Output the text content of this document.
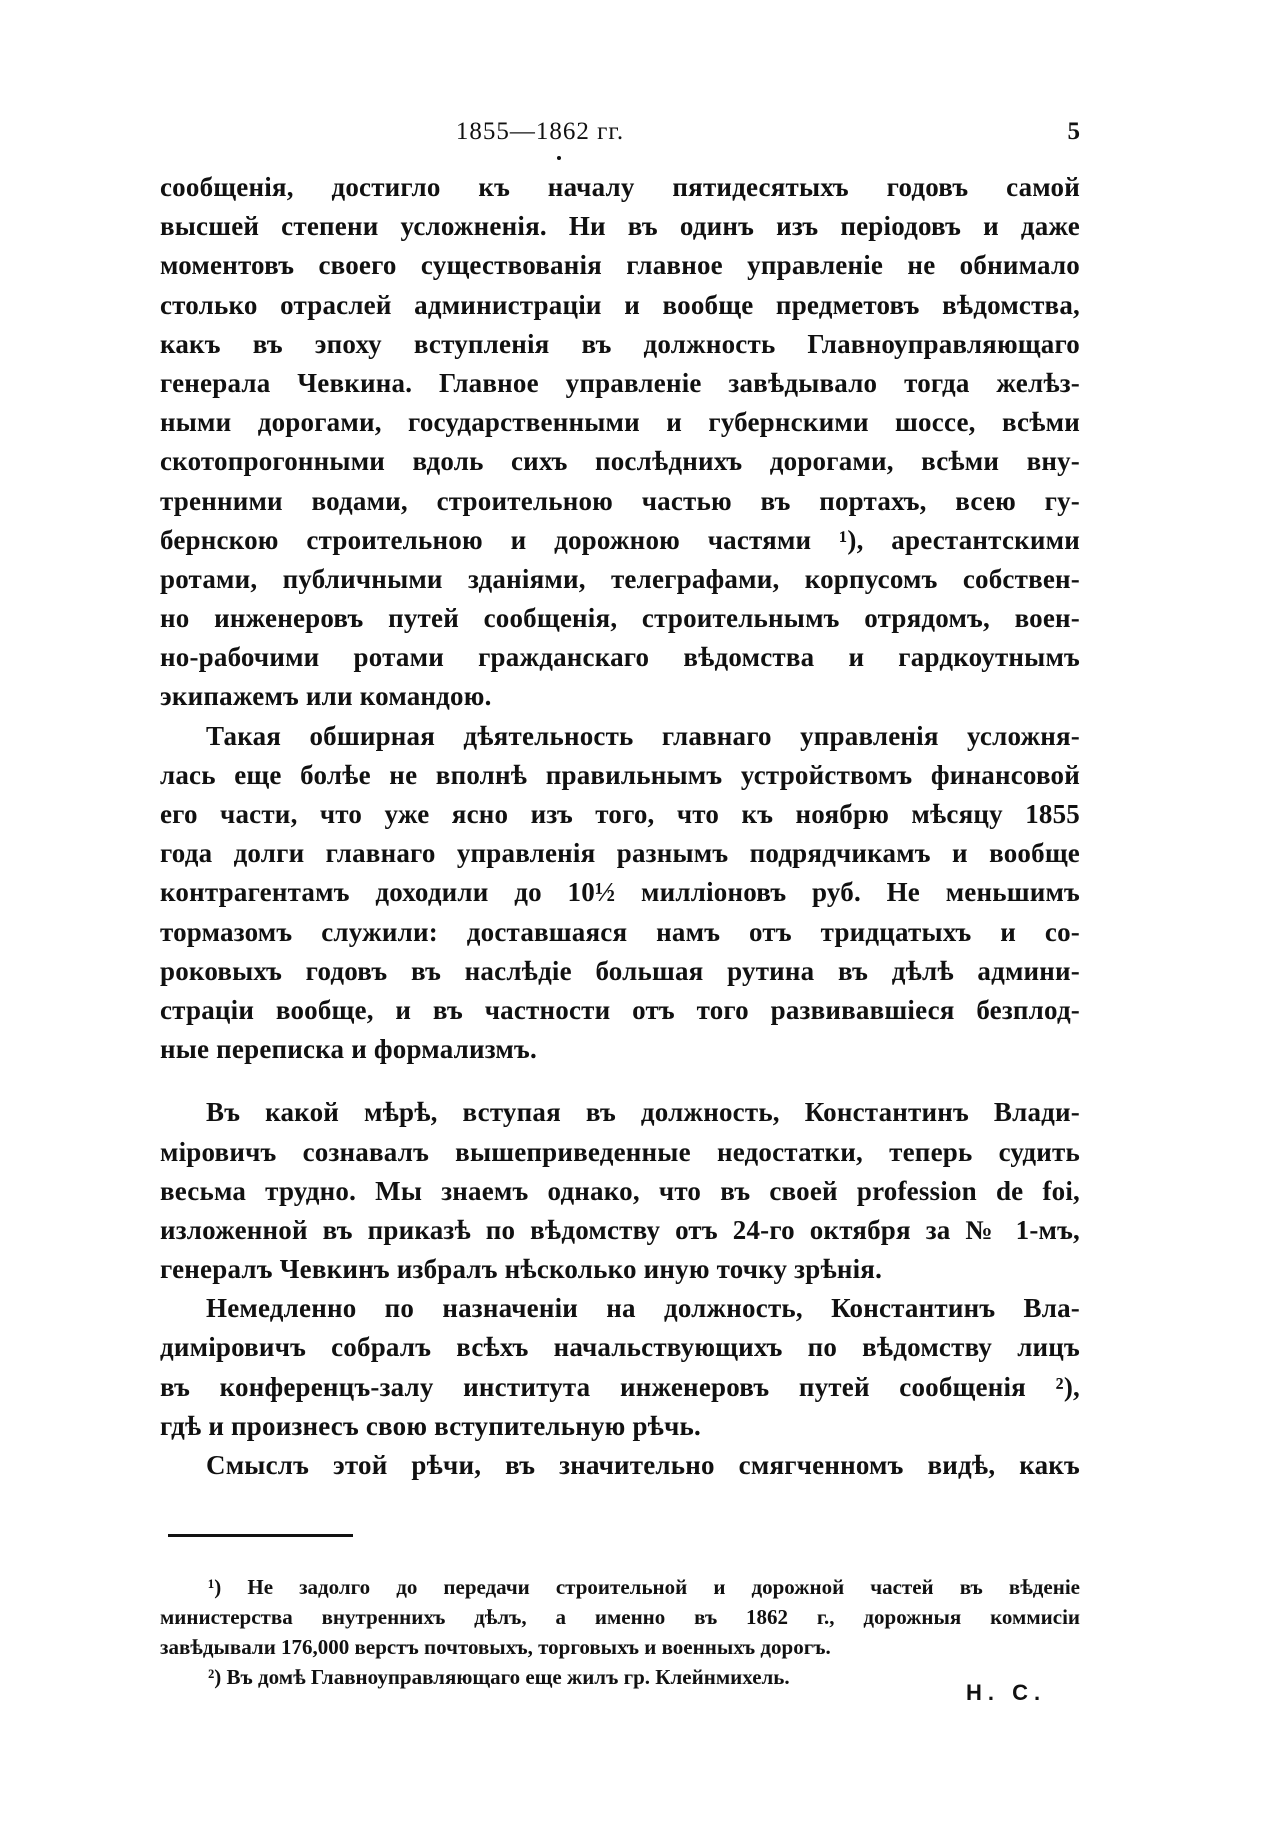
1855—1862 гг.	5
сообщенія, достигло къ началу пятидесятыхъ годовъ самой
высшей степени усложненія. Ни въ одинъ изъ періодовъ и даже
моментовъ своего существованія главное управленіе не обнимало
столько отраслей администраціи и вообще предметовъ вѣдомства,
какъ въ эпоху вступленія въ должность Главноуправляющаго
генерала Чевкина. Главное управленіе завѣдывало тогда желѣз-
ными дорогами, государственными и губернскими шоссе, всѣми
скотопрогонными вдоль сихъ послѣднихъ дорогами, всѣми вну-
тренними водами, строительною частью въ портахъ, всею гу-
бернскою строительною и дорожною частями ¹), арестантскими
ротами, публичными зданіями, телеграфами, корпусомъ собствен-
но инженеровъ путей сообщенія, строительнымъ отрядомъ, воен-
но-рабочими ротами гражданскаго вѣдомства и гардкоутнымъ
экипажемъ или командою.
Такая обширная дѣятельность главнаго управленія усложня-
лась еще болѣе не вполнѣ правильнымъ устройствомъ финансовой
его части, что уже ясно изъ того, что къ ноябрю мѣсяцу 1855
года долги главнаго управленія разнымъ подрядчикамъ и вообще
контрагентамъ доходили до 10½ милліоновъ руб. Не меньшимъ
тормазомъ служили: доставшаяся намъ отъ тридцатыхъ и со-
роковыхъ годовъ въ наслѣдіе большая рутина въ дѣлѣ админи-
страціи вообще, и въ частности отъ того развивавшіеся безплод-
ные переписка и формализмъ.
Въ какой мѣрѣ, вступая въ должность, Константинъ Влади-
міровичъ сознавалъ вышеприведенные недостатки, теперь судить
весьма трудно. Мы знаемъ однако, что въ своей profession de foi,
изложенной въ приказѣ по вѣдомству отъ 24-го октября за № 1-мъ,
генералъ Чевкинъ избралъ нѣсколько иную точку зрѣнія.
Немедленно по назначеніи на должность, Константинъ Вла-
диміровичъ собралъ всѣхъ начальствующихъ по вѣдомству лицъ
въ конференцъ-залу института инженеровъ путей сообщенія ²),
гдѣ и произнесъ свою вступительную рѣчь.
Смыслъ этой рѣчи, въ значительно смягченномъ видѣ, какъ
¹) Не задолго до передачи строительной и дорожной частей въ вѣденіе
министерства внутреннихъ дѣлъ, а именно въ 1862 г., дорожныя коммисіи
завѣдывали 176,000 верстъ почтовыхъ, торговыхъ и военныхъ дорогъ.
²) Въ домѣ Главноуправляющаго еще жилъ гр. Клейнмихель.
Н. С.
